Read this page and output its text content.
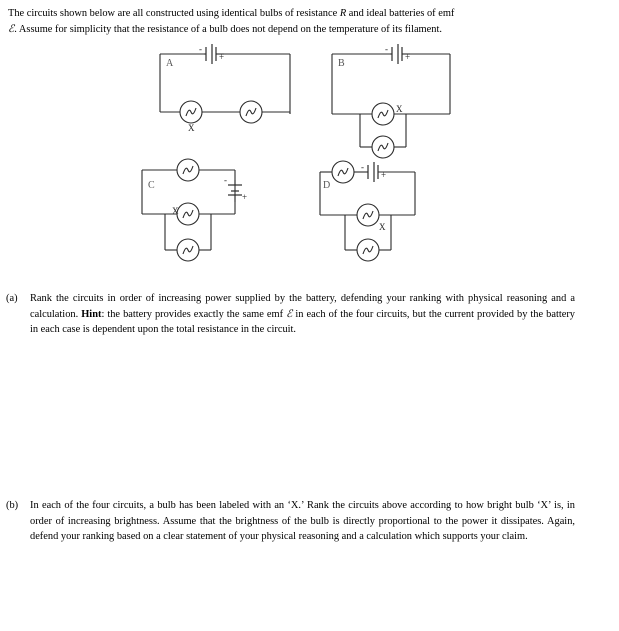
The circuits shown below are all constructed using identical bulbs of resistance R and ideal batteries of emf
ℰ. Assume for simplicity that the resistance of a bulb does not depend on the temperature of its filament.

A	B
C	D
X
X
X
X
-
+
-
+
-
+
-
+
(a)	Rank the circuits in order of increasing power supplied by the battery, defending your ranking with physical reasoning and a calculation. Hint: the battery provides exactly the same emf ℰ in each of the four circuits, but the current provided by the battery in each case is dependent upon the total resistance in the circuit.
(b)	In each of the four circuits, a bulb has been labeled with an ‘X.’ Rank the circuits above according to how bright bulb ‘X’ is, in order of increasing brightness. Assume that the brightness of the bulb is directly proportional to the power it dissipates. Again, defend your ranking based on a clear statement of your physical reasoning and a calculation which supports your claim.
